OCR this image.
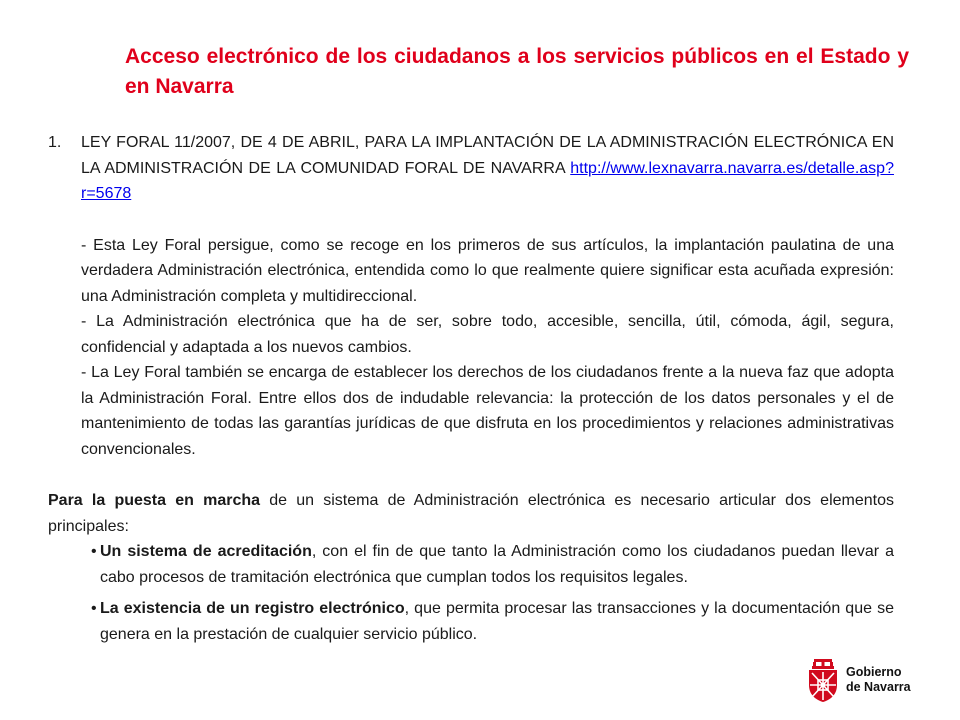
Acceso electrónico de los ciudadanos a los servicios públicos en el Estado y en Navarra
1.	LEY FORAL 11/2007, DE 4 DE ABRIL, PARA LA IMPLANTACIÓN DE LA ADMINISTRACIÓN ELECTRÓNICA EN LA ADMINISTRACIÓN DE LA COMUNIDAD FORAL DE NAVARRA http://www.lexnavarra.navarra.es/detalle.asp?r=5678

- Esta Ley Foral persigue, como se recoge en los primeros de sus artículos, la implantación paulatina de una verdadera Administración electrónica, entendida como lo que realmente quiere significar esta acuñada expresión: una Administración completa y multidireccional.

- La Administración electrónica que ha de ser, sobre todo, accesible, sencilla, útil, cómoda, ágil, segura, confidencial y adaptada a los nuevos cambios.

- La Ley Foral también se encarga de establecer los derechos de los ciudadanos frente a la nueva faz que adopta la Administración Foral. Entre ellos dos de indudable relevancia: la protección de los datos personales y el de mantenimiento de todas las garantías jurídicas de que disfruta en los procedimientos y relaciones administrativas convencionales.

Para la puesta en marcha de un sistema de Administración electrónica es necesario articular dos elementos principales:

• Un sistema de acreditación, con el fin de que tanto la Administración como los ciudadanos puedan llevar a cabo procesos de tramitación electrónica que cumplan todos los requisitos legales.
• La existencia de un registro electrónico, que permita procesar las transacciones y la documentación que se genera en la prestación de cualquier servicio público.
Gobierno
de Navarra
